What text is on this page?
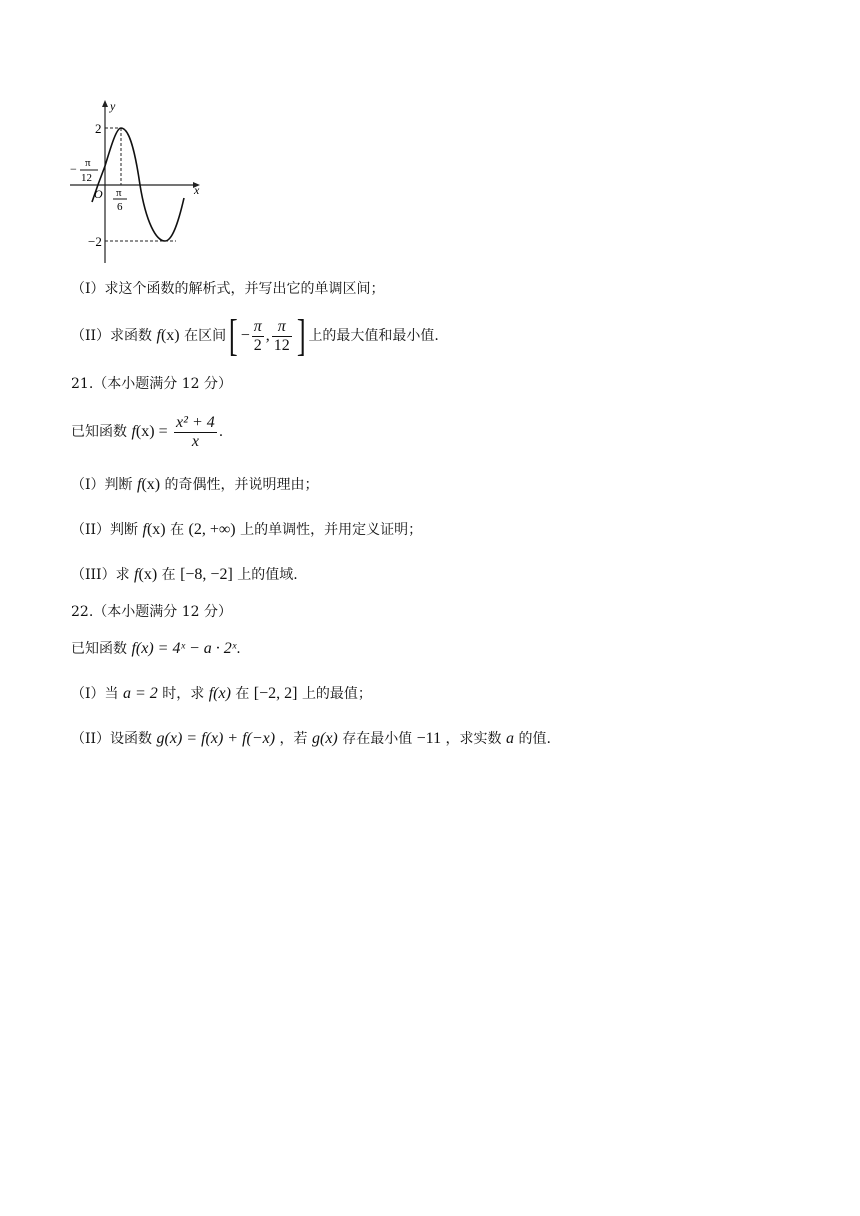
y
x
2
−2
O
− π
12
π
6
（I）求这个函数的解析式，并写出它的单调区间；
（II）求函数 f(x) 在区间[ − $\frac{\pi}{2}$ , $\frac{\pi}{12}$ ] 上的最大值和最小值.
21.（本小题满分 12 分）
已知函数 $f(x) = \frac{\text{x² + 4}}{x}$ .
（I）判断 f(x) 的奇偶性，并说明理由；
（II）判断 f(x) 在 (2, +∞) 上的单调性，并用定义证明；
（III）求 f(x) 在 [−8, −2] 上的值域.
22.（本小题满分 12 分）
已知函数 f(x) = 4ˣ − a · 2ˣ.
（I）当 a = 2 时，求 f(x) 在 [−2, 2] 上的最值；
（II）设函数 g(x) = f(x) + f(−x) ，若 g(x) 存在最小值 −11 ，求实数 a 的值.
